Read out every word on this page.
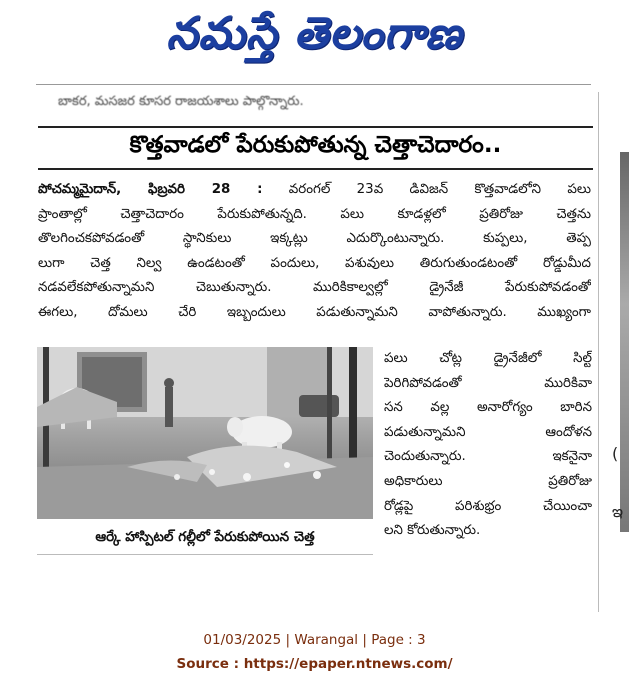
నమస్తే తెలంగాణ
బాకర, మసజర కూసర రాజయశాలు పాల్గొన్నారు.
(
ఇ
కొత్తవాడలో పేరుకుపోతున్న చెత్తాచెదారం..
పోచమ్మమైదాన్, ఫిబ్రవరి 28 : వరంగల్ 23వ డివిజన్ కొత్తవాడలోని పలు
ప్రాంతాల్లో చెత్తాచెదారం పేరుకుపోతున్నది. పలు కూడళ్లలో ప్రతిరోజు చెత్తను
తొలగించకపోవడంతో స్థానికులు ఇక్కట్లు ఎదుర్కొంటున్నారు. కుప్పలు, తెప్ప
లుగా చెత్త నిల్వ ఉండటంతో పందులు, పశువులు తిరుగుతుండటంతో రోడ్డుమీద
నడవలేకపోతున్నామని చెబుతున్నారు. మురికికాల్వల్లో డ్రైనేజీ పేరుకుపోవడంతో
ఈగలు, దోమలు చేరి ఇబ్బందులు పడుతున్నామని వాపోతున్నారు. ముఖ్యంగా
ఆర్కే హాస్పిటల్ గల్లీలో పేరుకుపోయిన చెత్త
పలు చోట్ల డ్రైనేజీలో సిల్ట్
పెరిగిపోవడంతో మురికివా
సన వల్ల అనారోగ్యం బారిన
పడుతున్నామని ఆందోళన
చెందుతున్నారు. ఇకనైనా
అధికారులు ప్రతిరోజు
రోడ్లపై పరిశుభ్రం చేయించా
లని కోరుతున్నారు.
01/03/2025 | Warangal | Page : 3
Source : https://epaper.ntnews.com/
